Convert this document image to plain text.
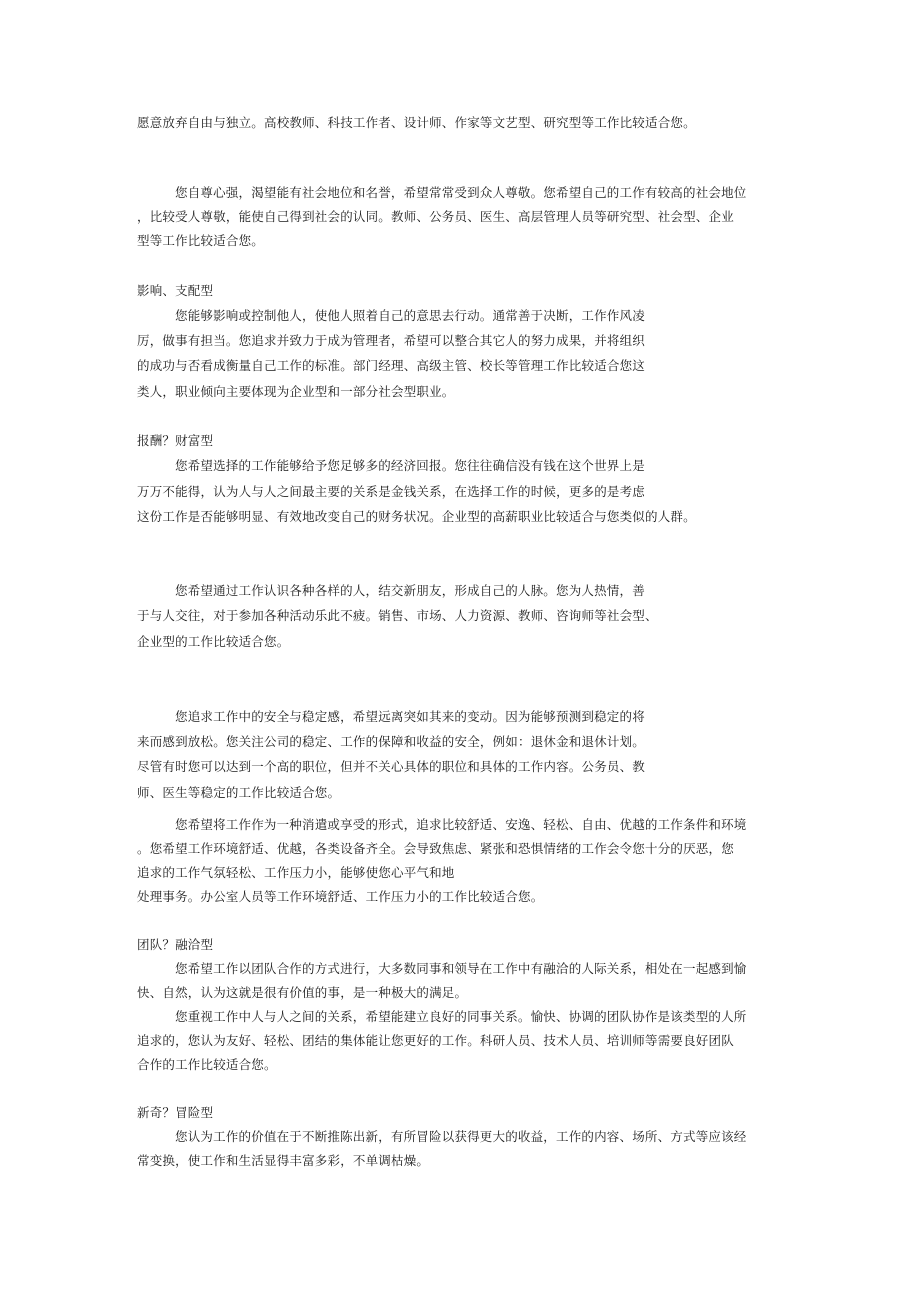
愿意放弃自由与独立。高校教师、科技工作者、设计师、作家等文艺型、研究型等工作比较适合您。
您自尊心强，渴望能有社会地位和名誉，希望常常受到众人尊敬。您希望自己的工作有较高的社会地位
，比较受人尊敬，能使自己得到社会的认同。教师、公务员、医生、高层管理人员等研究型、社会型、企业
型等工作比较适合您。
影响、支配型
您能够影响或控制他人，使他人照着自己的意思去行动。通常善于决断，工作作风凌
厉，做事有担当。您追求并致力于成为管理者，希望可以整合其它人的努力成果，并将组织
的成功与否看成衡量自己工作的标准。部门经理、高级主管、校长等管理工作比较适合您这
类人，职业倾向主要体现为企业型和一部分社会型职业。
报酬？财富型
您希望选择的工作能够给予您足够多的经济回报。您往往确信没有钱在这个世界上是
万万不能得，认为人与人之间最主要的关系是金钱关系，在选择工作的时候，更多的是考虑
这份工作是否能够明显、有效地改变自己的财务状况。企业型的高薪职业比较适合与您类似的人群。
您希望通过工作认识各种各样的人，结交新朋友，形成自己的人脉。您为人热情，善
于与人交往，对于参加各种活动乐此不疲。销售、市场、人力资源、教师、咨询师等社会型、
企业型的工作比较适合您。
您追求工作中的安全与稳定感，希望远离突如其来的变动。因为能够预测到稳定的将
来而感到放松。您关注公司的稳定、工作的保障和收益的安全，例如：退休金和退休计划。
尽管有时您可以达到一个高的职位，但并不关心具体的职位和具体的工作内容。公务员、教
师、医生等稳定的工作比较适合您。
您希望将工作作为一种消遣或享受的形式，追求比较舒适、安逸、轻松、自由、优越的工作条件和环境
。您希望工作环境舒适、优越，各类设备齐全。会导致焦虑、紧张和恐惧情绪的工作会令您十分的厌恶，您
追求的工作气氛轻松、工作压力小，能够使您心平气和地
处理事务。办公室人员等工作环境舒适、工作压力小的工作比较适合您。
团队？融洽型
您希望工作以团队合作的方式进行，大多数同事和领导在工作中有融洽的人际关系，相处在一起感到愉
快、自然，认为这就是很有价值的事，是一种极大的满足。
您重视工作中人与人之间的关系，希望能建立良好的同事关系。愉快、协调的团队协作是该类型的人所
追求的，您认为友好、轻松、团结的集体能让您更好的工作。科研人员、技术人员、培训师等需要良好团队
合作的工作比较适合您。
新奇？冒险型
您认为工作的价值在于不断推陈出新，有所冒险以获得更大的收益，工作的内容、场所、方式等应该经
常变换，使工作和生活显得丰富多彩，不单调枯燥。
